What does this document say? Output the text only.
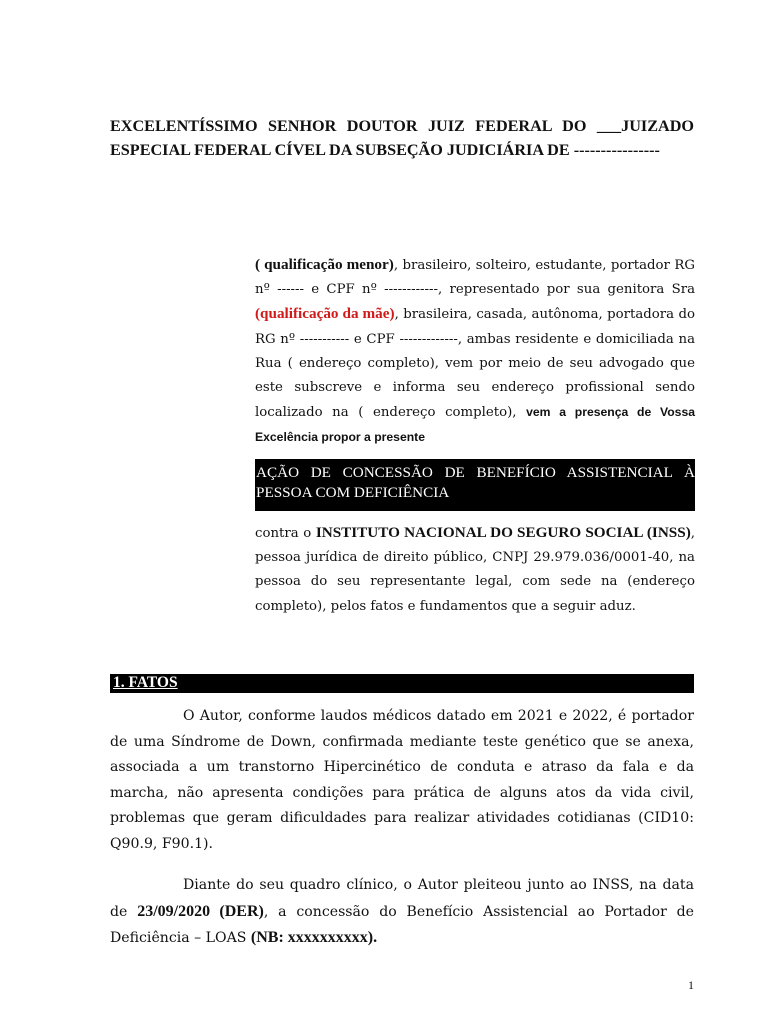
EXCELENTÍSSIMO SENHOR DOUTOR JUIZ FEDERAL DO ___JUIZADO
ESPECIAL FEDERAL CÍVEL DA SUBSEÇÃO JUDICIÁRIA DE ----------------
( qualificação menor), brasileiro, solteiro, estudante, portador RG nº ------ e CPF nº ------------, representado por sua genitora Sra (qualificação da mãe), brasileira, casada, autônoma, portadora do RG nº ----------- e CPF -------------, ambas residente e domiciliada na Rua ( endereço completo), vem por meio de seu advogado que este subscreve e informa seu endereço profissional sendo localizado na ( endereço completo), vem a presença de Vossa Excelência propor a presente
AÇÃO DE CONCESSÃO DE BENEFÍCIO ASSISTENCIAL À
PESSOA COM DEFICIÊNCIA
contra o INSTITUTO NACIONAL DO SEGURO SOCIAL (INSS), pessoa jurídica de direito público, CNPJ 29.979.036/0001-40, na pessoa do seu representante legal, com sede na (endereço completo), pelos fatos e fundamentos que a seguir aduz.
1. FATOS
O Autor, conforme laudos médicos datado em 2021 e 2022, é portador de uma Síndrome de Down, confirmada mediante teste genético que se anexa, associada a um transtorno Hipercinético de conduta e atraso da fala e da marcha, não apresenta condições para prática de alguns atos da vida civil, problemas que geram dificuldades para realizar atividades cotidianas (CID10: Q90.9, F90.1).
Diante do seu quadro clínico, o Autor pleiteou junto ao INSS, na data de 23/09/2020 (DER), a concessão do Benefício Assistencial ao Portador de Deficiência – LOAS (NB: xxxxxxxxxx).
1
